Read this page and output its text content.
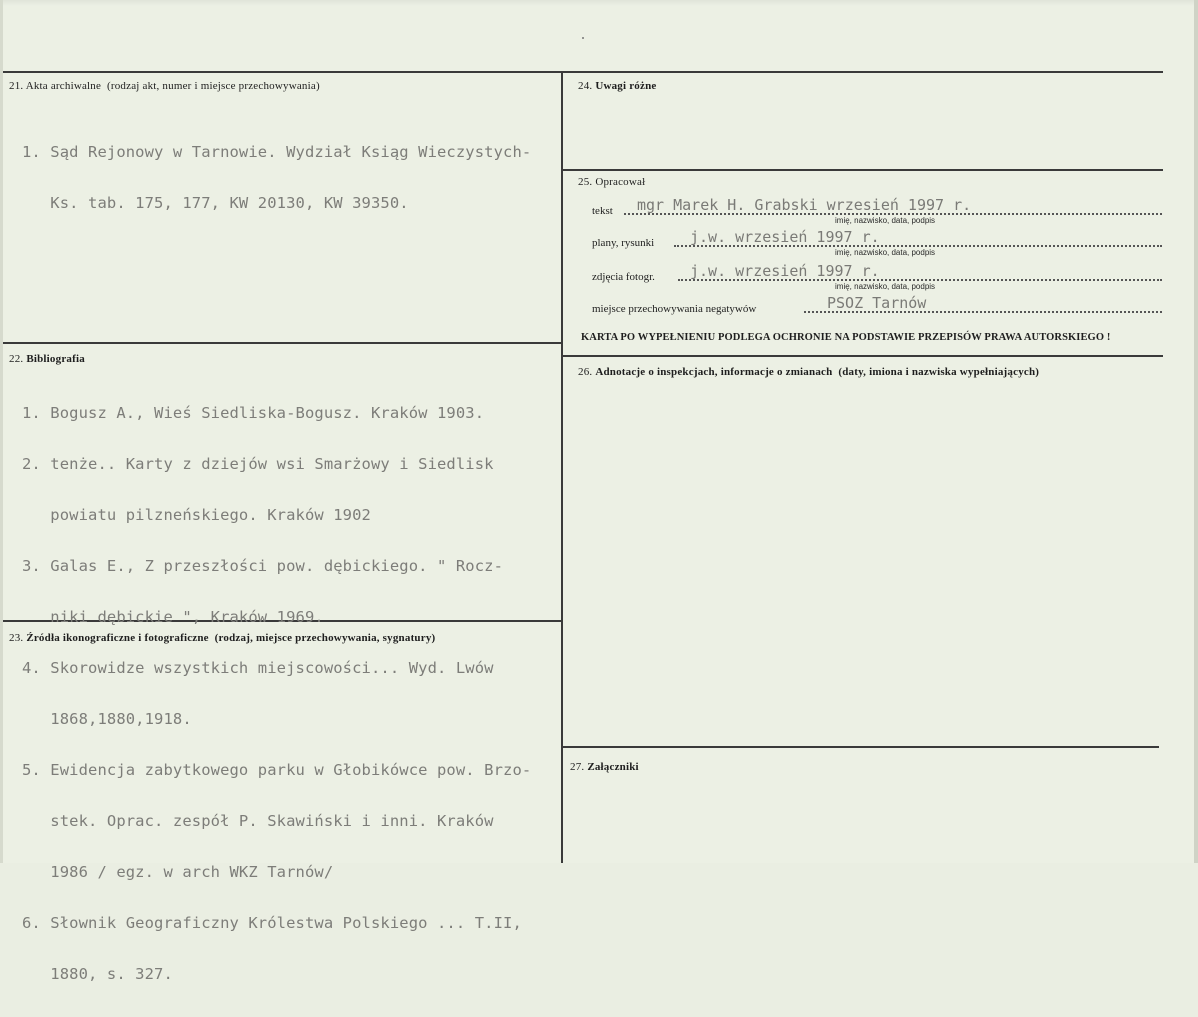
21. Akta archiwalne (rodzaj akt, numer i miejsce przechowywania)

1. Sąd Rejonowy w Tarnowie. Wydział Ksiąg Wieczystych-

Ks. tab. 175, 177, KW 20130, KW 39350.

22. Bibliografia

1. Bogusz A., Wieś Siedliska-Bogusz. Kraków 1903.

2. tenże.. Karty z dziejów wsi Smarżowy i Siedlisk

powiatu pilzneńskiego. Kraków 1902

3. Galas E., Z przeszłości pow. dębickiego. " Rocz-

niki dębickie ", Kraków 1969.

4. Skorowidze wszystkich miejscowości... Wyd. Lwów

1868,1880,1918.

5. Ewidencja zabytkowego parku w Głobikówce pow. Brzo-

stek. Oprac. zespół P. Skawiński i inni. Kraków

1986 / egz. w arch WKZ Tarnów/

6. Słownik Geograficzny Królestwa Polskiego ... T.II,

1880, s. 327.

23. Źródła ikonograficzne i fotograficzne (rodzaj, miejsce przechowywania, sygnatury)
24. Uwagi różne
25. Opracował
tekst mgr Marek H. Grabski wrzesień 1997 r.
imię, nazwisko, data, podpis
plany, rysunki j.w. wrzesień 1997 r.
imię, nazwisko, data, podpis
zdjęcia fotogr. j.w. wrzesień 1997 r.
imię, nazwisko, data, podpis
miejsce przechowywania negatywów	PSOZ Tarnów
KARTA PO WYPEŁNIENIU PODLEGA OCHRONIE NA PODSTAWIE PRZEPISÓW PRAWA AUTORSKIEGO !
26. Adnotacje o inspekcjach, informacje o zmianach (daty, imiona i nazwiska wypełniających)
27. Załączniki
